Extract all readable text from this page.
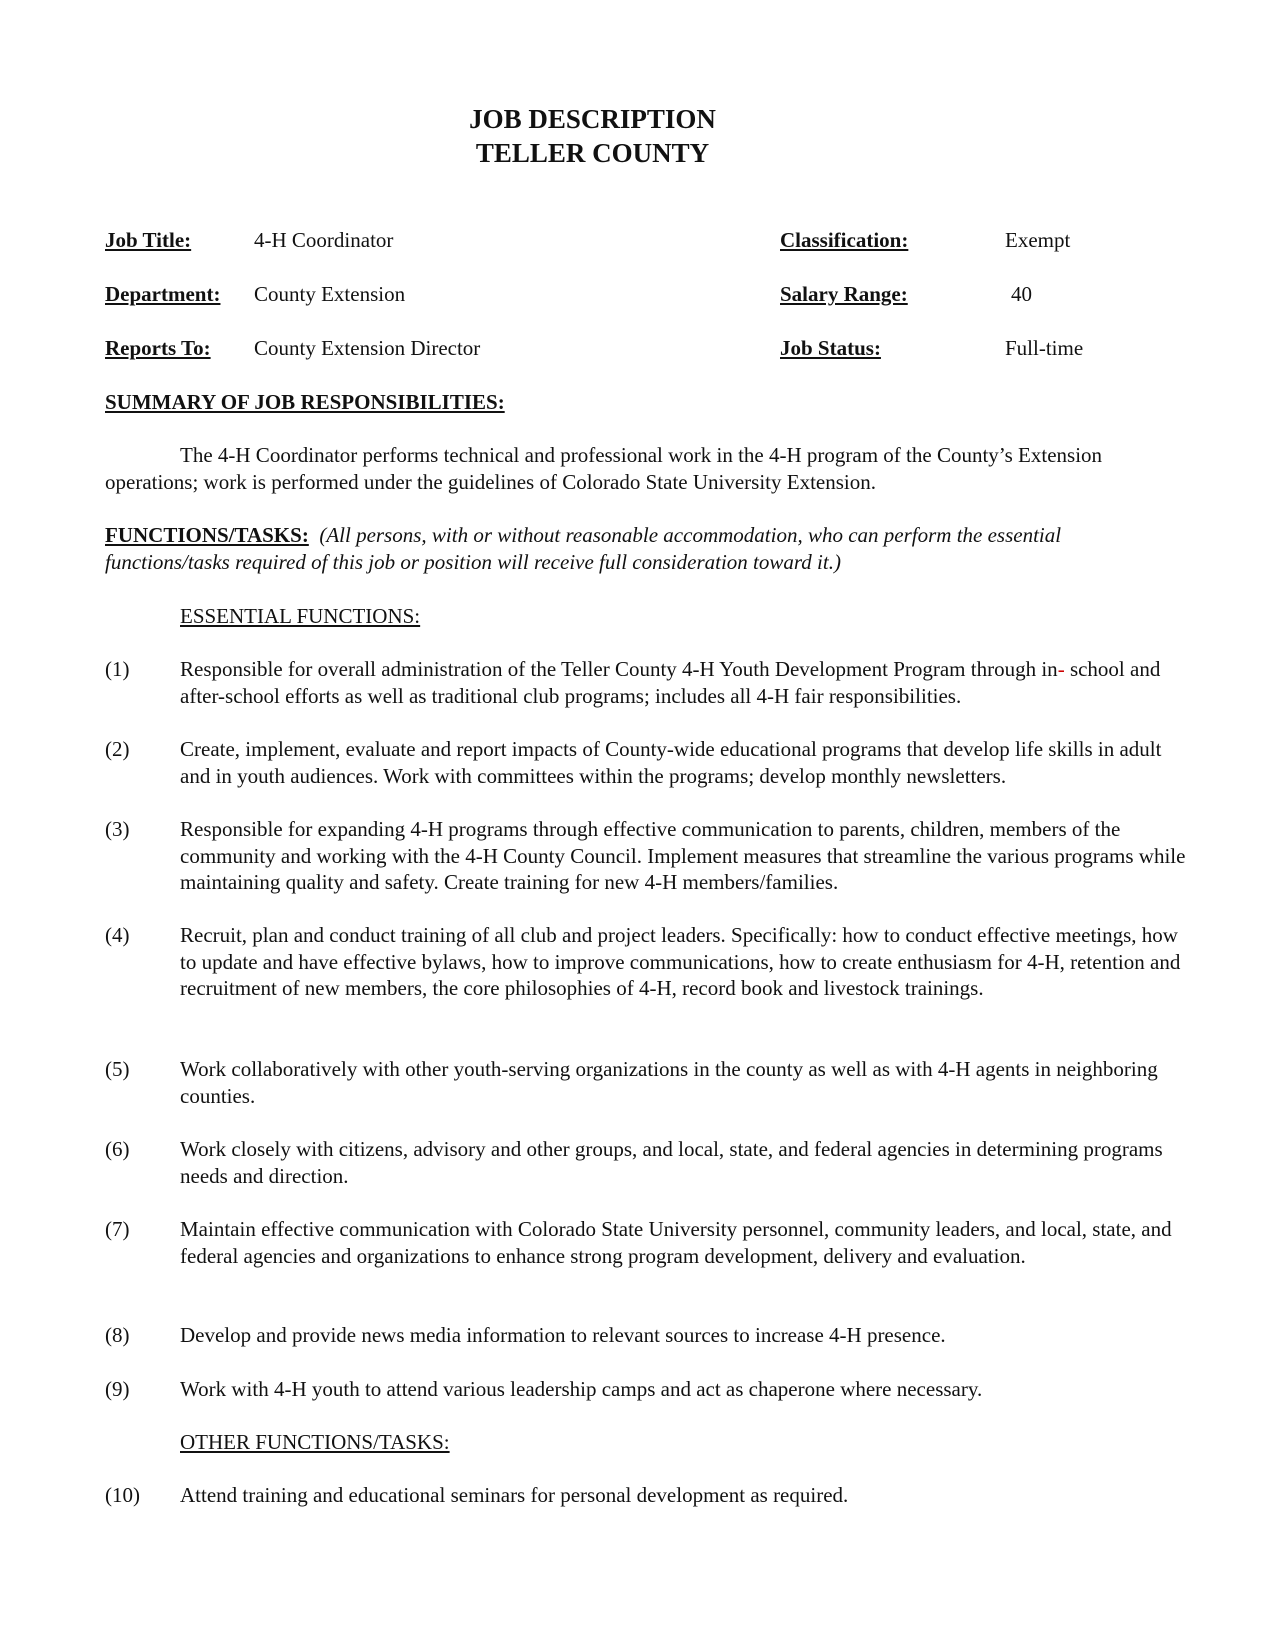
JOB DESCRIPTION
TELLER COUNTY
Job Title:	4-H Coordinator
Department: County Extension
Reports To: County Extension Director
Classification:	Exempt
Salary Range:	40
Job Status:	Full-time
SUMMARY OF JOB RESPONSIBILITIES:
The 4-H Coordinator performs technical and professional work in the 4-H program of the County’s Extension operations; work is performed under the guidelines of Colorado State University Extension.
FUNCTIONS/TASKS: (All persons, with or without reasonable accommodation, who can perform the essential functions/tasks required of this job or position will receive full consideration toward it.)
ESSENTIAL FUNCTIONS:
(1) Responsible for overall administration of the Teller County 4-H Youth Development Program through in- school and after-school efforts as well as traditional club programs; includes all 4-H fair responsibilities.
(2) Create, implement, evaluate and report impacts of County-wide educational programs that develop life skills in adult and in youth audiences. Work with committees within the programs; develop monthly newsletters.
(3) Responsible for expanding 4-H programs through effective communication to parents, children, members of the community and working with the 4-H County Council. Implement measures that streamline the various programs while maintaining quality and safety. Create training for new 4-H members/families.
(4) Recruit, plan and conduct training of all club and project leaders. Specifically: how to conduct effective meetings, how to update and have effective bylaws, how to improve communications, how to create enthusiasm for 4-H, retention and recruitment of new members, the core philosophies of 4-H, record book and livestock trainings.
(5) Work collaboratively with other youth-serving organizations in the county as well as with 4-H agents in neighboring counties.
(6) Work closely with citizens, advisory and other groups, and local, state, and federal agencies in determining programs needs and direction.
(7) Maintain effective communication with Colorado State University personnel, community leaders, and local, state, and federal agencies and organizations to enhance strong program development, delivery and evaluation.
(8) Develop and provide news media information to relevant sources to increase 4-H presence.
(9) Work with 4-H youth to attend various leadership camps and act as chaperone where necessary.
OTHER FUNCTIONS/TASKS:
(10) Attend training and educational seminars for personal development as required.
